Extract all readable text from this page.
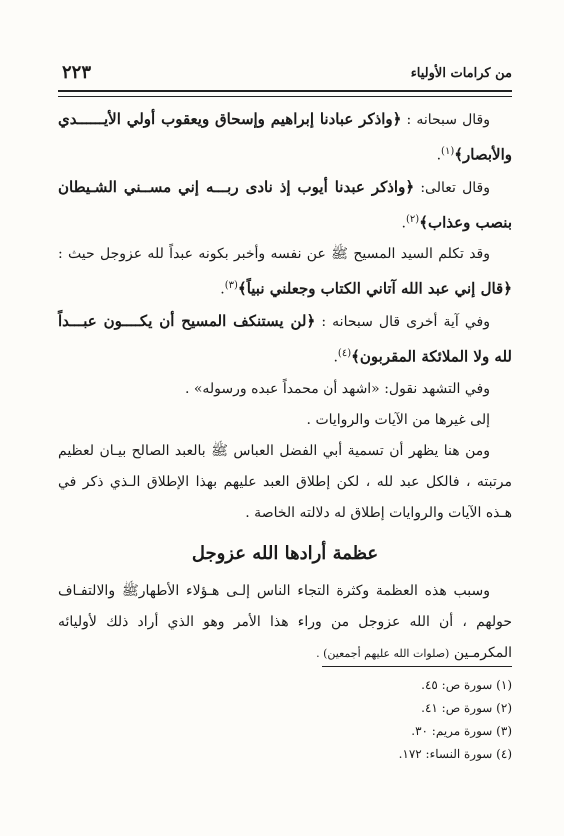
من كرامات الأولياء
٢٢٣

وقال سبحانه : ﴿واذكر عبادنا إبراهيم وإسحاق ويعقوب أولي الأيــــــدي والأبصار﴾$^{(١)}$.

وقال تعالى: ﴿واذكر عبدنا أيوب إذ نادى ربـــه إني مســني الشـيطان بنصب وعذاب﴾$^{(٢)}$.

وقد تكلم السيد المسيح ﷺ عن نفسه وأخبر بكونه عبداً لله عزوجل حيث : ﴿قال إني عبد الله آتاني الكتاب وجعلني نبياً﴾$^{(٣)}$.

وفي آية أخرى قال سبحانه : ﴿لن يستنكف المسيح أن يكــــون عبـــداً لله ولا الملائكة المقربون﴾$^{(٤)}$.

وفي التشهد نقول: «اشهد أن محمداً عبده ورسوله» .

إلى غيرها من الآيات والروايات .

ومن هنا يظهر أن تسمية أبي الفضل العباس ﷺ بالعبد الصالح بيـان لعظيم مرتبته ، فالكل عبد لله ، لكن إطلاق العبد عليهم بهذا الإطلاق الـذي ذكر في هـذه الآيات والروايات إطلاق له دلالته الخاصة .

عظمة أرادها الله عزوجل

وسبب هذه العظمة وكثرة التجاء الناس إلـى هـؤلاء الأطهارﷺ والالتفـاف حولهم ، أن الله عزوجل من وراء هذا الأمر وهو الذي أراد ذلك لأوليائه المكرمـين (صلوات الله عليهم أجمعين) .

(١) سورة ص: ٤٥.
(٢) سورة ص: ٤١.
(٣) سورة مريم: ٣٠.
(٤) سورة النساء: ١٧٢.
